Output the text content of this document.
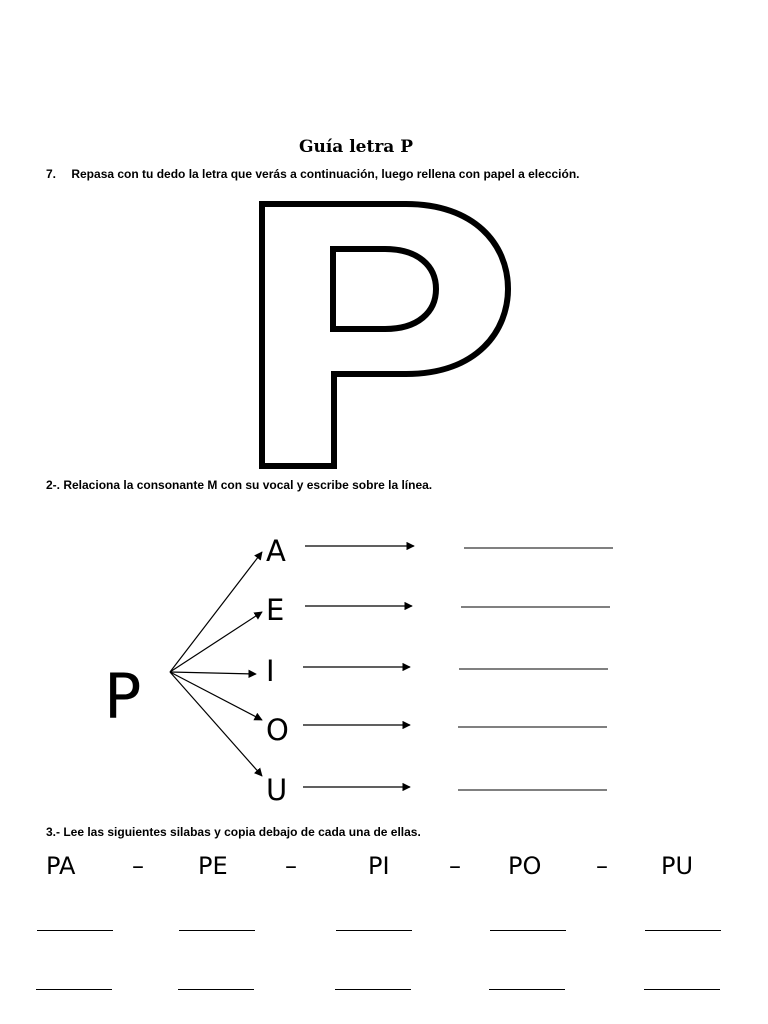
Guía letra P
7. Repasa con tu dedo la letra que verás a continuación, luego rellena con papel a elección.
2-. Relaciona la consonante M con su vocal y escribe sobre la línea.
P
A
E
I
O
U
3.- Lee las siguientes silabas y copia debajo de cada una de ellas.
PA – PE –	PI – PO – PU
